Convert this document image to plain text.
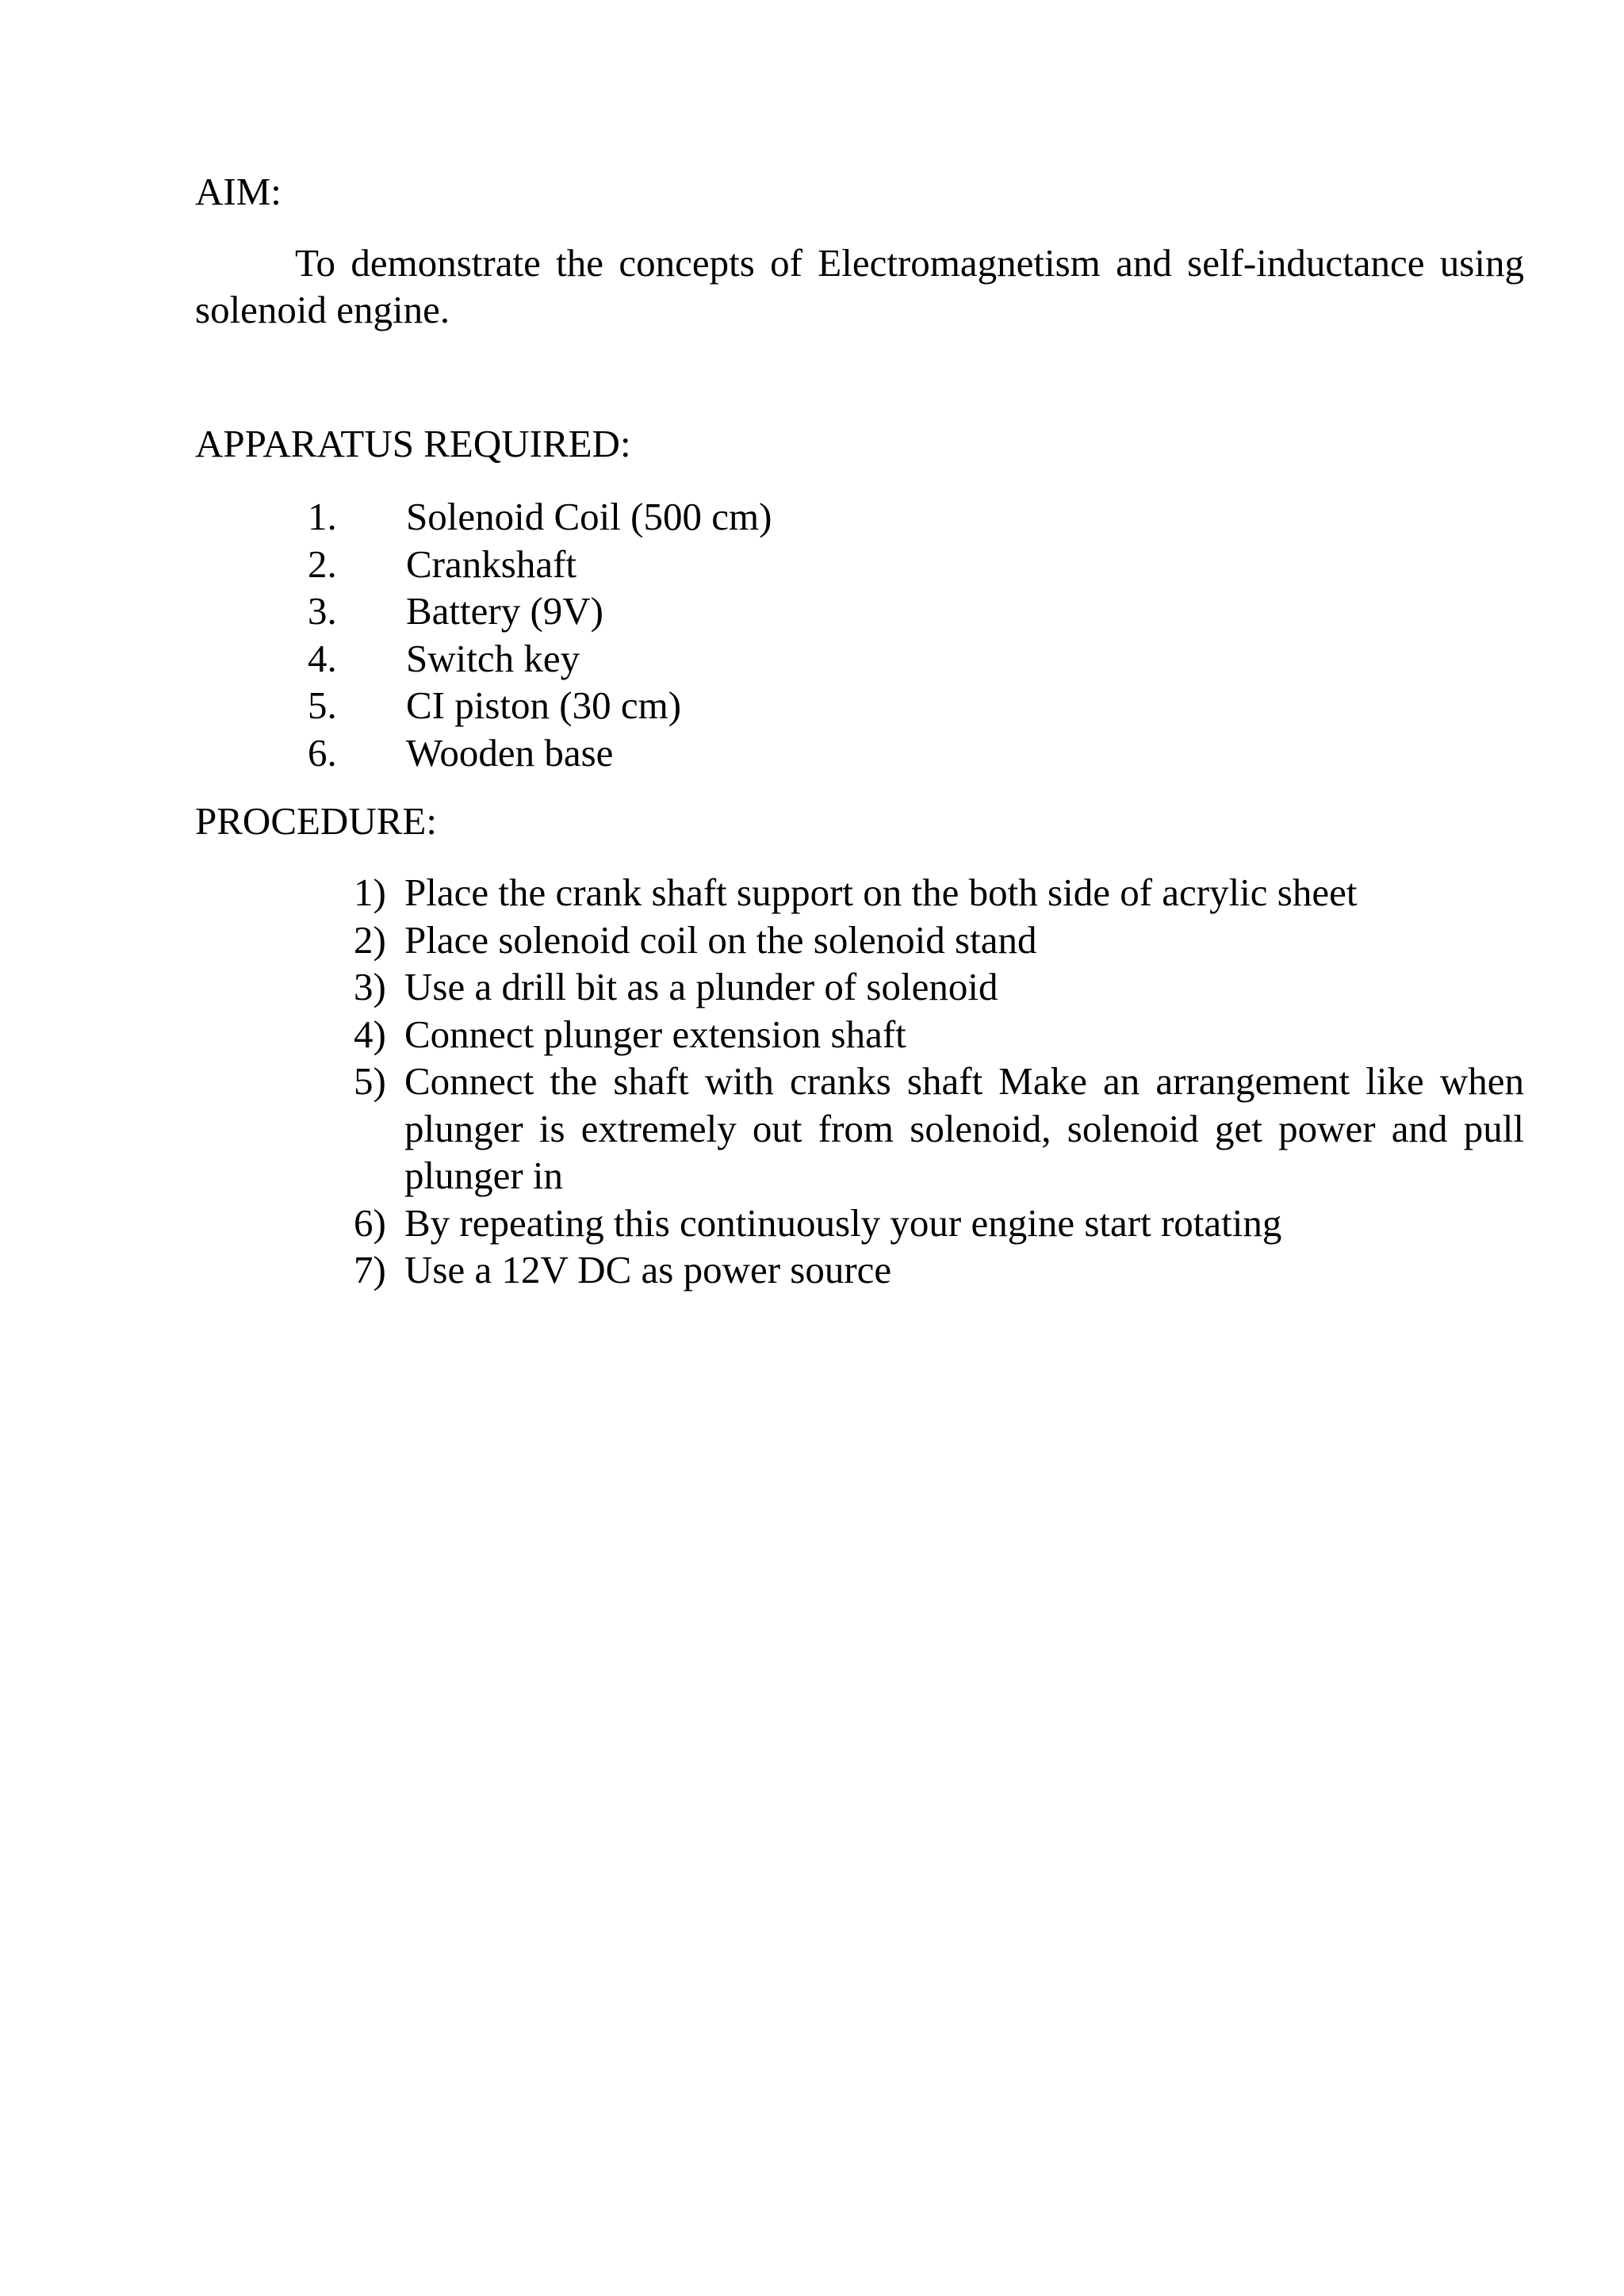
AIM:

To demonstrate the concepts of Electromagnetism and self-inductance using solenoid engine.

APPARATUS REQUIRED:
1. Solenoid Coil (500 cm)
2. Crankshaft
3. Battery (9V)
4. Switch key
5. CI piston (30 cm)
6. Wooden base
PROCEDURE:
1) Place the crank shaft support on the both side of acrylic sheet
2) Place solenoid coil on the solenoid stand
3) Use a drill bit as a plunder of solenoid
4) Connect plunger extension shaft
5) Connect the shaft with cranks shaft Make an arrangement like when plunger is extremely out from solenoid, solenoid get power and pull plunger in
6) By repeating this continuously your engine start rotating
7) Use a 12V DC as power source
